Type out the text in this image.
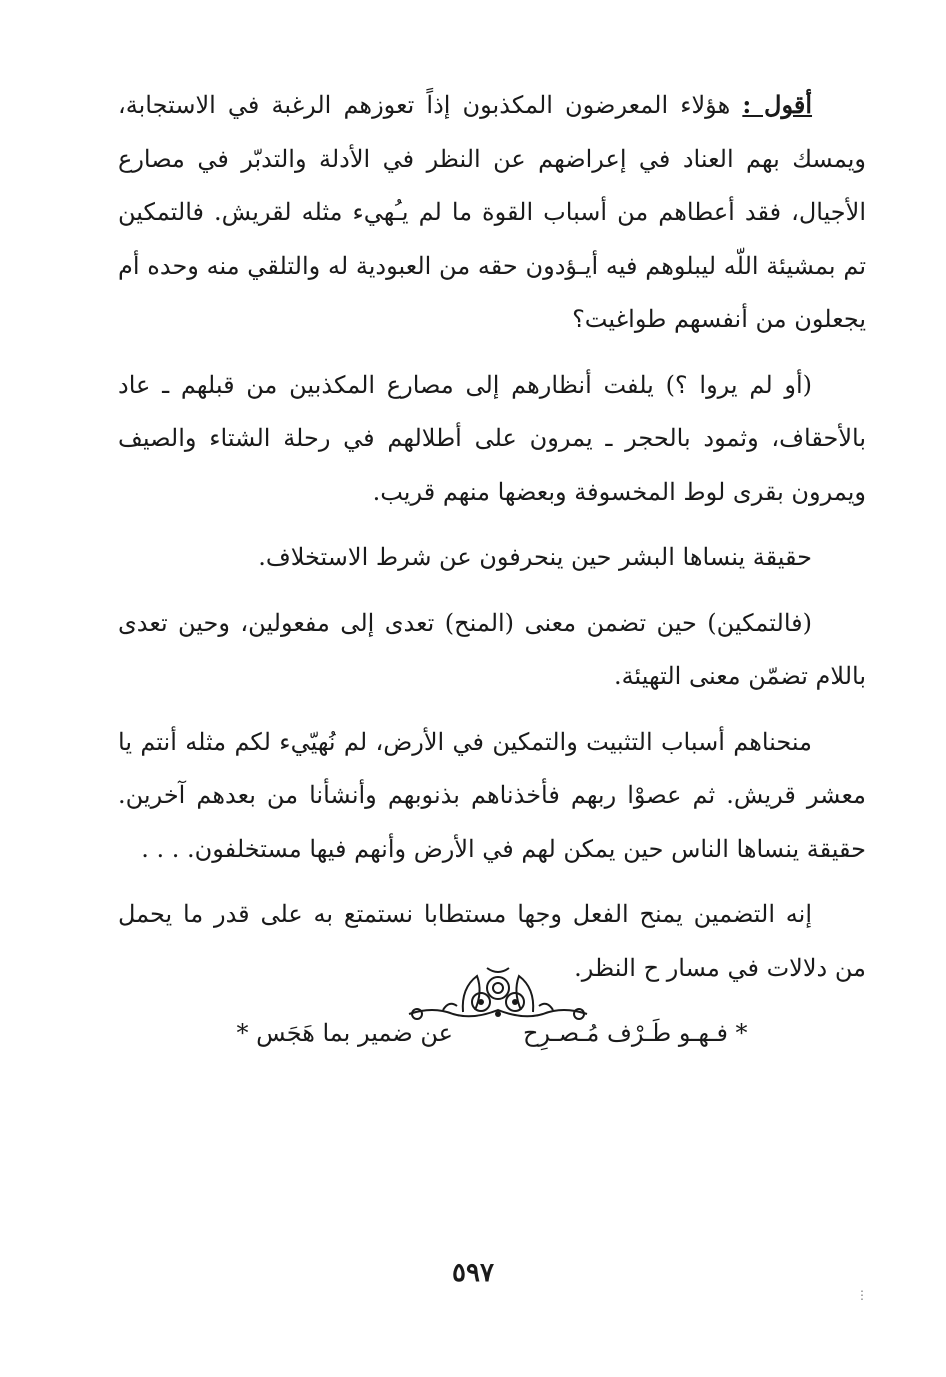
أقول : هؤلاء المعرضون المكذبون إذاً تعوزهم الرغبة في الاستجابة، ويمسك بهم العناد في إعراضهم عن النظر في الأدلة والتدبّر في مصارع الأجيال، فقد أعطاهم من أسباب القوة ما لم يـُهيء مثله لقريش. فالتمكين تم بمشيئة اللّه ليبلوهم فيه أيـؤدون حقه من العبودية له والتلقي منه وحده أم يجعلون من أنفسهم طواغيت؟

(أو لم يروا ؟) يلفت أنظارهم إلى مصارع المكذبين من قبلهم ـ عاد بالأحقاف، وثمود بالحجر ـ يمرون على أطلالهم في رحلة الشتاء والصيف ويمرون بقرى لوط المخسوفة وبعضها منهم قريب.

حقيقة ينساها البشر حين ينحرفون عن شرط الاستخلاف.

(فالتمكين) حين تضمن معنى (المنح) تعدى إلى مفعولين، وحين تعدى باللام تضمّن معنى التهيئة.

منحناهم أسباب التثبيت والتمكين في الأرض، لم نُهيّيء لكم مثله أنتم يا معشر قريش. ثم عصوْا ربهم فأخذناهم بذنوبهم وأنشأنا من بعدهم آخرين. حقيقة ينساها الناس حين يمكن لهم في الأرض وأنهم فيها مستخلفون. . . .

إنه التضمين يمنح الفعل وجها مستطابا نستمتع به على قدر ما يحمل من دلالات في مسار ح النظر.

* فـهـو طَـرْف مُـصـرِح
عن ضمير بما هَجَس *
٥٩٧
⋮
